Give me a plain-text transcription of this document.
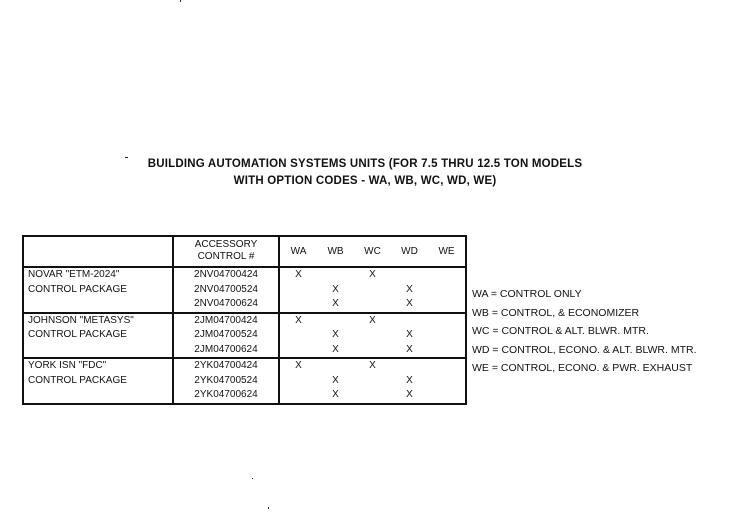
BUILDING AUTOMATION SYSTEMS UNITS (FOR 7.5 THRU 12.5 TON MODELS
WITH OPTION CODES - WA, WB, WC, WD, WE)

	ACCESSORY
CONTROL #	WA	WB	WC	WD	WE
NOVAR "ETM-2024"	2NV04700424	X		X		
CONTROL PACKAGE	2NV04700524		X		X	
	2NV04700624		X		X	
JOHNSON "METASYS"	2JM04700424	X		X		
CONTROL PACKAGE	2JM04700524		X		X	
	2JM04700624		X		X	
YORK ISN "FDC"	2YK04700424	X		X		
CONTROL PACKAGE	2YK04700524		X		X	
	2YK04700624		X		X	
WA = CONTROL ONLY
WB = CONTROL, & ECONOMIZER
WC = CONTROL & ALT. BLWR. MTR.
WD = CONTROL, ECONO. & ALT. BLWR. MTR.
WE = CONTROL, ECONO. & PWR. EXHAUST
